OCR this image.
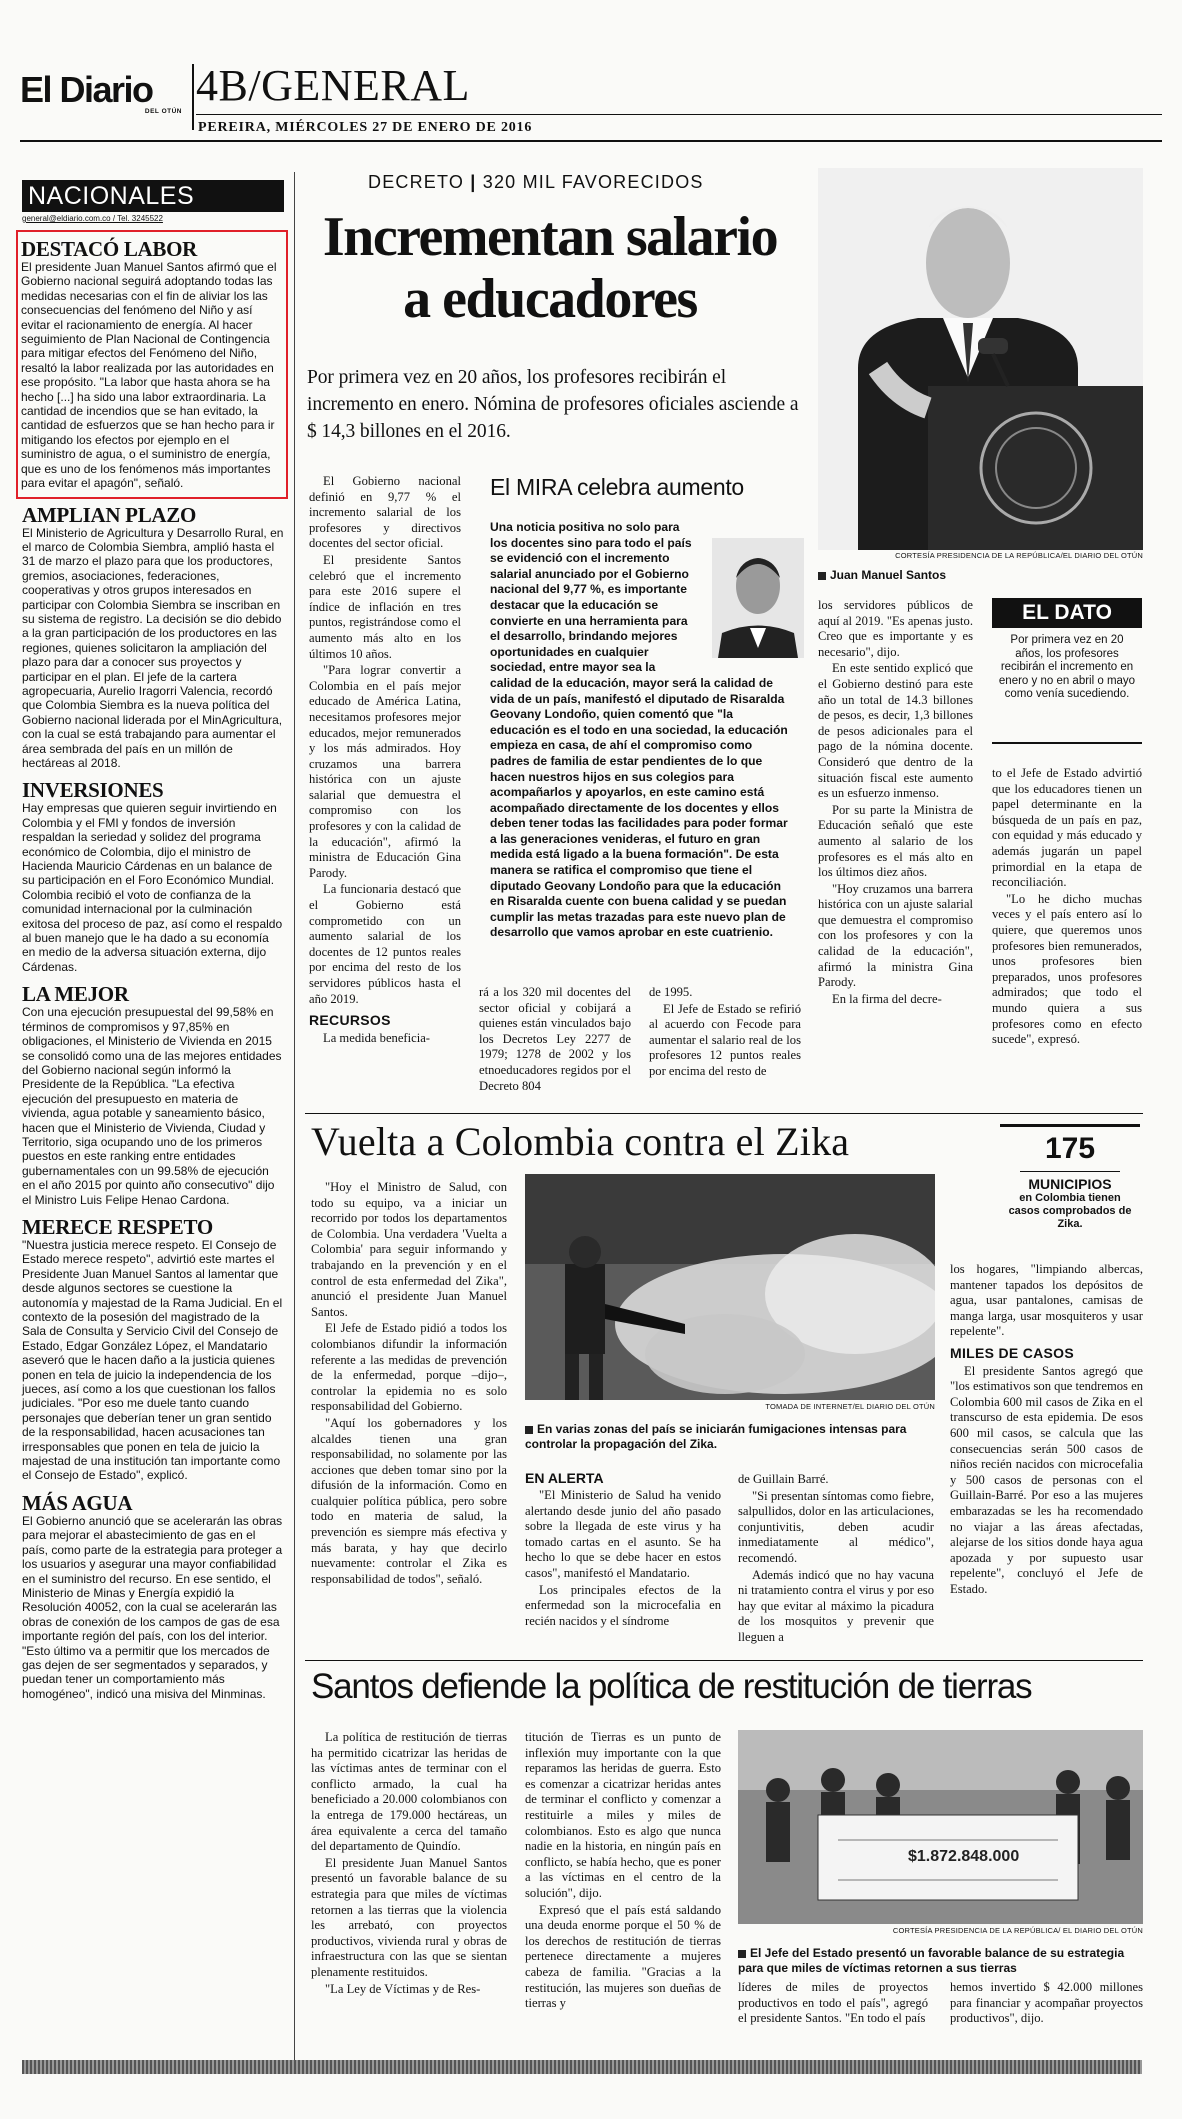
El Diario
DEL OTÚN
4B/GENERAL
PEREIRA, MIÉRCOLES 27 DE ENERO DE 2016
NACIONALES
general@eldiario.com.co / Tel. 3245522
DESTACÓ LABOR
El presidente Juan Manuel Santos afirmó que el Gobierno nacional seguirá adoptando todas las medidas necesarias con el fin de aliviar los las consecuencias del fenómeno del Niño y así evitar el racionamiento de energía. Al hacer seguimiento de Plan Nacional de Contingencia para mitigar efectos del Fenómeno del Niño, resaltó la labor realizada por las autoridades en ese propósito. "La labor que hasta ahora se ha hecho [...] ha sido una labor extraordinaria. La cantidad de incendios que se han evitado, la cantidad de esfuerzos que se han hecho para ir mitigando los efectos por ejemplo en el suministro de agua, o el suministro de energía, que es uno de los fenómenos más importantes para evitar el apagón", señaló.
AMPLIAN PLAZO
El Ministerio de Agricultura y Desarrollo Rural, en el marco de Colombia Siembra, amplió hasta el 31 de marzo el plazo para que los productores, gremios, asociaciones, federaciones, cooperativas y otros grupos interesados en participar con Colombia Siembra se inscriban en su sistema de registro. La decisión se dio debido a la gran participación de los productores en las regiones, quienes solicitaron la ampliación del plazo para dar a conocer sus proyectos y participar en el plan. El jefe de la cartera agropecuaria, Aurelio Iragorri Valencia, recordó que Colombia Siembra es la nueva política del Gobierno nacional liderada por el MinAgricultura, con la cual se está trabajando para aumentar el área sembrada del país en un millón de hectáreas al 2018.
INVERSIONES
Hay empresas que quieren seguir invirtiendo en Colombia y el FMI y fondos de inversión respaldan la seriedad y solidez del programa económico de Colombia, dijo el ministro de Hacienda Mauricio Cárdenas en un balance de su participación en el Foro Económico Mundial. Colombia recibió el voto de confianza de la comunidad internacional por la culminación exitosa del proceso de paz, así como el respaldo al buen manejo que le ha dado a su economía en medio de la adversa situación externa, dijo Cárdenas.
LA MEJOR
Con una ejecución presupuestal del 99,58% en términos de compromisos y 97,85% en obligaciones, el Ministerio de Vivienda en 2015 se consolidó como una de las mejores entidades del Gobierno nacional según informó la Presidente de la República. "La efectiva ejecución del presupuesto en materia de vivienda, agua potable y saneamiento básico, hacen que el Ministerio de Vivienda, Ciudad y Territorio, siga ocupando uno de los primeros puestos en este ranking entre entidades gubernamentales con un 99.58% de ejecución en el año 2015 por quinto año consecutivo" dijo el Ministro Luis Felipe Henao Cardona.
MERECE RESPETO
"Nuestra justicia merece respeto. El Consejo de Estado merece respeto", advirtió este martes el Presidente Juan Manuel Santos al lamentar que desde algunos sectores se cuestione la autonomía y majestad de la Rama Judicial. En el contexto de la posesión del magistrado de la Sala de Consulta y Servicio Civil del Consejo de Estado, Edgar González López, el Mandatario aseveró que le hacen daño a la justicia quienes ponen en tela de juicio la independencia de los jueces, así como a los que cuestionan los fallos judiciales. "Por eso me duele tanto cuando personajes que deberían tener un gran sentido de la responsabilidad, hacen acusaciones tan irresponsables que ponen en tela de juicio la majestad de una institución tan importante como el Consejo de Estado", explicó.
MÁS AGUA
El Gobierno anunció que se acelerarán las obras para mejorar el abastecimiento de gas en el país, como parte de la estrategia para proteger a los usuarios y asegurar una mayor confiabilidad en el suministro del recurso. En ese sentido, el Ministerio de Minas y Energía expidió la Resolución 40052, con la cual se acelerarán las obras de conexión de los campos de gas de esa importante región del país, con los del interior. "Esto último va a permitir que los mercados de gas dejen de ser segmentados y separados, y puedan tener un comportamiento más homogéneo", indicó una misiva del Minminas.
DECRETO | 320 MIL FAVORECIDOS
Incrementan salario
a educadores
Por primera vez en 20 años, los profesores recibirán el incremento en enero. Nómina de profesores oficiales asciende a $ 14,3 billones en el 2016.
CORTESÍA PRESIDENCIA DE LA REPÚBLICA/EL DIARIO DEL OTÚN
Juan Manuel Santos

El Gobierno nacional definió en 9,77 % el incremento salarial de los profesores y directivos docentes del sector oficial.

El presidente Santos celebró que el incremento para este 2016 supere el índice de inflación en tres puntos, registrándose como el aumento más alto en los últimos 10 años.

"Para lograr convertir a Colombia en el país mejor educado de América Latina, necesitamos profesores mejor educados, mejor remunerados y los más admirados. Hoy cruzamos una barrera histórica con un ajuste salarial que demuestra el compromiso con los profesores y con la calidad de la educación", afirmó la ministra de Educación Gina Parody.

La funcionaria destacó que el Gobierno está comprometido con un aumento salarial de los docentes de 12 puntos reales por encima del resto de los servidores públicos hasta el año 2019.

RECURSOS

La medida beneficia-

El MIRA celebra aumento
Una noticia positiva no solo para los docentes sino para todo el país se evidenció con el incremento salarial anunciado por el Gobierno nacional del 9,77 %, es importante destacar que la educación se convierte en una herramienta para el desarrollo, brindando mejores oportunidades en cualquier sociedad, entre mayor sea la calidad de la educación, mayor será la calidad de vida de un país, manifestó el diputado de Risaralda Geovany Londoño, quien comentó que "la educación es el todo en una sociedad, la educación empieza en casa, de ahí el compromiso como padres de familia de estar pendientes de lo que hacen nuestros hijos en sus colegios para acompañarlos y apoyarlos, en este camino está acompañado directamente de los docentes y ellos deben tener todas las facilidades para poder formar a las generaciones venideras, el futuro en gran medida está ligado a la buena formación". De esta manera se ratifica el compromiso que tiene el diputado Geovany Londoño para que la educación en Risaralda cuente con buena calidad y se puedan cumplir las metas trazadas para este nuevo plan de desarrollo que vamos aprobar en este cuatrienio.
rá a los 320 mil docentes del sector oficial y cobijará a quienes están vinculados bajo los Decretos Ley 2277 de 1979; 1278 de 2002 y los etnoeducadores regidos por el Decreto 804

de 1995.

El Jefe de Estado se refirió al acuerdo con Fecode para aumentar el salario real de los profesores 12 puntos reales por encima del resto de

los servidores públicos de aquí al 2019. "Es apenas justo. Creo que es importante y es necesario", dijo.

En este sentido explicó que el Gobierno destinó para este año un total de 14.3 billones de pesos, es decir, 1,3 billones de pesos adicionales para el pago de la nómina docente. Consideró que dentro de la situación fiscal este aumento es un esfuerzo inmenso.

Por su parte la Ministra de Educación señaló que este aumento al salario de los profesores es el más alto en los últimos diez años.

"Hoy cruzamos una barrera histórica con un ajuste salarial que demuestra el compromiso con los profesores y con la calidad de la educación", afirmó la ministra Gina Parody.

En la firma del decre-

EL DATO
Por primera vez en 20 años, los profesores recibirán el incremento en enero y no en abril o mayo como venía sucediendo.

to el Jefe de Estado advirtió que los educadores tienen un papel determinante en la búsqueda de un país en paz, con equidad y más educado y además jugarán un papel primordial en la etapa de reconciliación.

"Lo he dicho muchas veces y el país entero así lo quiere, que queremos unos profesores bien remunerados, unos profesores bien preparados, unos profesores admirados; que todo el mundo quiera a sus profesores como en efecto sucede", expresó.

Vuelta a Colombia contra el Zika

"Hoy el Ministro de Salud, con todo su equipo, va a iniciar un recorrido por todos los departamentos de Colombia. Una verdadera 'Vuelta a Colombia' para seguir informando y trabajando en la prevención y en el control de esta enfermedad del Zika", anunció el presidente Juan Manuel Santos.

El Jefe de Estado pidió a todos los colombianos difundir la información referente a las medidas de prevención de la enfermedad, porque –dijo–, controlar la epidemia no es solo responsabilidad del Gobierno.

"Aquí los gobernadores y los alcaldes tienen una gran responsabilidad, no solamente por las acciones que deben tomar sino por la difusión de la información. Como en cualquier política pública, pero sobre todo en materia de salud, la prevención es siempre más efectiva y más barata, y hay que decirlo nuevamente: controlar el Zika es responsabilidad de todos", señaló.

TOMADA DE INTERNET/EL DIARIO DEL OTÚN
En varias zonas del país se iniciarán fumigaciones intensas para controlar la propagación del Zika.
EN ALERTA

"El Ministerio de Salud ha venido alertando desde junio del año pasado sobre la llegada de este virus y ha tomado cartas en el asunto. Se ha hecho lo que se debe hacer en estos casos", manifestó el Mandatario.

Los principales efectos de la enfermedad son la microcefalia en recién nacidos y el síndrome

de Guillain Barré.

"Si presentan síntomas como fiebre, salpullidos, dolor en las articulaciones, conjuntivitis, deben acudir inmediatamente al médico", recomendó.

Además indicó que no hay vacuna ni tratamiento contra el virus y por eso hay que evitar al máximo la picadura de los mosquitos y prevenir que lleguen a

175
MUNICIPIOS
en Colombia tienen casos comprobados de Zika.

los hogares, "limpiando albercas, mantener tapados los depósitos de agua, usar pantalones, camisas de manga larga, usar mosquiteros y usar repelente".

MILES DE CASOS

El presidente Santos agregó que "los estimativos son que tendremos en Colombia 600 mil casos de Zika en el transcurso de esta epidemia. De esos 600 mil casos, se calcula que las consecuencias serán 500 casos de niños recién nacidos con microcefalia y 500 casos de personas con el Guillain-Barré. Por eso a las mujeres embarazadas se les ha recomendado no viajar a las áreas afectadas, alejarse de los sitios donde haya agua apozada y por supuesto usar repelente", concluyó el Jefe de Estado.

Santos defiende la política de restitución de tierras

La política de restitución de tierras ha permitido cicatrizar las heridas de las víctimas antes de terminar con el conflicto armado, la cual ha beneficiado a 20.000 colombianos con la entrega de 179.000 hectáreas, un área equivalente a cerca del tamaño del departamento de Quindío.

El presidente Juan Manuel Santos presentó un favorable balance de su estrategia para que miles de víctimas retornen a las tierras que la violencia les arrebató, con proyectos productivos, vivienda rural y obras de infraestructura con las que se sientan plenamente restituidos.

"La Ley de Víctimas y de Res-

titución de Tierras es un punto de inflexión muy importante con la que reparamos las heridas de guerra. Esto es comenzar a cicatrizar heridas antes de terminar el conflicto y comenzar a restituirle a miles y miles de colombianos. Esto es algo que nunca nadie en la historia, en ningún país en conflicto, se había hecho, que es poner a las víctimas en el centro de la solución", dijo.

Expresó que el país está saldando una deuda enorme porque el 50 % de los derechos de restitución de tierras pertenece directamente a mujeres cabeza de familia. "Gracias a la restitución, las mujeres son dueñas de tierras y

$1.872.848.000
CORTESÍA PRESIDENCIA DE LA REPÚBLICA/ EL DIARIO DEL OTÚN
El Jefe del Estado presentó un favorable balance de su estrategia para que miles de víctimas retornen a sus tierras

líderes de miles de proyectos productivos en todo el país", agregó el presidente Santos. "En todo el país

hemos invertido $ 42.000 millones para financiar y acompañar proyectos productivos", dijo.
